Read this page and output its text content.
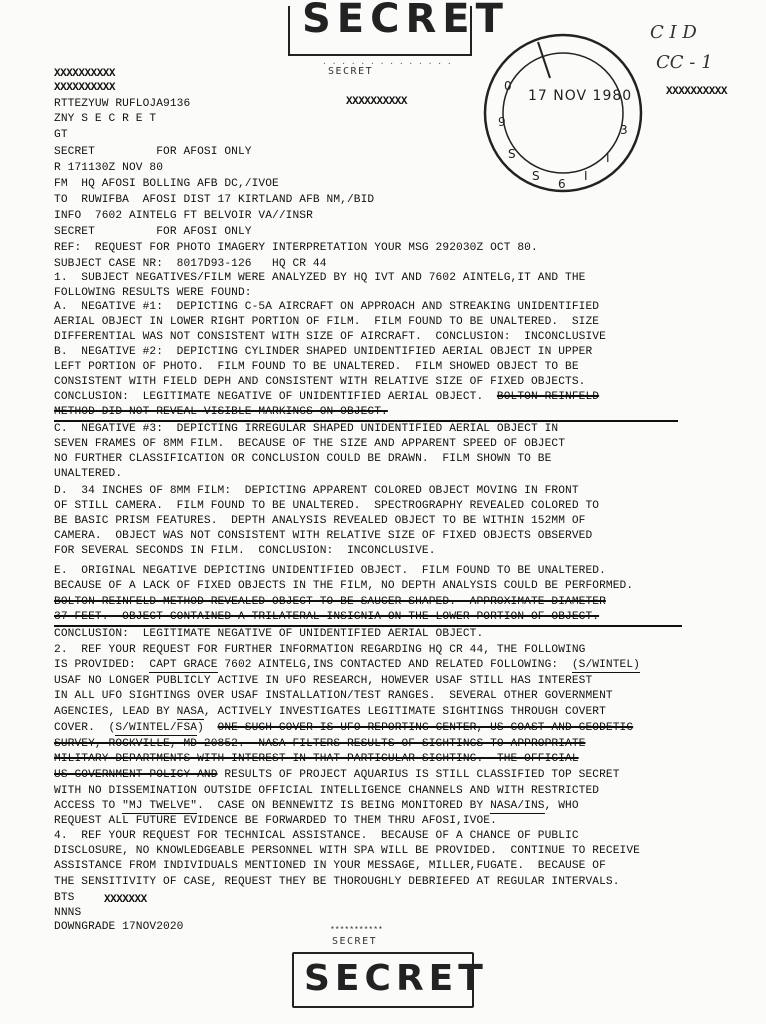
SECRET
SECRET
. . . . . . . . . . . . . .
9
S
S
6
I
I
3
0
17 NOV 1980
C I D
CC - 1
XXXXXXXXXX
XXXXXXXXXX
XXXXXXXXXX
XXXXXXXXXX
RTTEZYUW RUFLOJA9136
ZNY S E C R E T
GT
SECRET         FOR AFOSI ONLY
R 171130Z NOV 80
FM  HQ AFOSI BOLLING AFB DC,/IVOE
TO  RUWIFBA  AFOSI DIST 17 KIRTLAND AFB NM,/BID
INFO  7602 AINTELG FT BELVOIR VA//INSR
SECRET         FOR AFOSI ONLY
REF:  REQUEST FOR PHOTO IMAGERY INTERPRETATION YOUR MSG 292030Z OCT 80.
SUBJECT CASE NR:  8017D93-126   HQ CR 44
1.  SUBJECT NEGATIVES/FILM WERE ANALYZED BY HQ IVT AND 7602 AINTELG,IT AND THE
FOLLOWING RESULTS WERE FOUND:
A.  NEGATIVE #1:  DEPICTING C-5A AIRCRAFT ON APPROACH AND STREAKING UNIDENTIFIED
AERIAL OBJECT IN LOWER RIGHT PORTION OF FILM.  FILM FOUND TO BE UNALTERED.  SIZE
DIFFERENTIAL WAS NOT CONSISTENT WITH SIZE OF AIRCRAFT.  CONCLUSION:  INCONCLUSIVE
B.  NEGATIVE #2:  DEPICTING CYLINDER SHAPED UNIDENTIFIED AERIAL OBJECT IN UPPER
LEFT PORTION OF PHOTO.  FILM FOUND TO BE UNALTERED.  FILM SHOWED OBJECT TO BE
CONSISTENT WITH FIELD DEPH AND CONSISTENT WITH RELATIVE SIZE OF FIXED OBJECTS.
CONCLUSION:  LEGITIMATE NEGATIVE OF UNIDENTIFIED AERIAL OBJECT.  BOLTON REINFELD
METHOD DID NOT REVEAL VISIBLE MARKINGS ON OBJECT.
C.  NEGATIVE #3:  DEPICTING IRREGULAR SHAPED UNIDENTIFIED AERIAL OBJECT IN
SEVEN FRAMES OF 8MM FILM.  BECAUSE OF THE SIZE AND APPARENT SPEED OF OBJECT
NO FURTHER CLASSIFICATION OR CONCLUSION COULD BE DRAWN.  FILM SHOWN TO BE
UNALTERED.
D.  34 INCHES OF 8MM FILM:  DEPICTING APPARENT COLORED OBJECT MOVING IN FRONT
OF STILL CAMERA.  FILM FOUND TO BE UNALTERED.  SPECTROGRAPHY REVEALED COLORED TO
BE BASIC PRISM FEATURES.  DEPTH ANALYSIS REVEALED OBJECT TO BE WITHIN 152MM OF
CAMERA.  OBJECT WAS NOT CONSISTENT WITH RELATIVE SIZE OF FIXED OBJECTS OBSERVED
FOR SEVERAL SECONDS IN FILM.  CONCLUSION:  INCONCLUSIVE.
E.  ORIGINAL NEGATIVE DEPICTING UNIDENTIFIED OBJECT.  FILM FOUND TO BE UNALTERED.
BECAUSE OF A LACK OF FIXED OBJECTS IN THE FILM, NO DEPTH ANALYSIS COULD BE PERFORMED.
BOLTON REINFELD METHOD REVEALED OBJECT TO BE SAUCER SHAPED.  APPROXIMATE DIAMETER
37 FEET.  OBJECT CONTAINED A TRILATERAL INSIGNIA ON THE LOWER PORTION OF OBJECT.
CONCLUSION:  LEGITIMATE NEGATIVE OF UNIDENTIFIED AERIAL OBJECT.
2.  REF YOUR REQUEST FOR FURTHER INFORMATION REGARDING HQ CR 44, THE FOLLOWING
IS PROVIDED:  CAPT GRACE 7602 AINTELG,INS CONTACTED AND RELATED FOLLOWING:  (S/WINTEL)
USAF NO LONGER PUBLICLY ACTIVE IN UFO RESEARCH, HOWEVER USAF STILL HAS INTEREST
IN ALL UFO SIGHTINGS OVER USAF INSTALLATION/TEST RANGES.  SEVERAL OTHER GOVERNMENT
AGENCIES, LEAD BY NASA, ACTIVELY INVESTIGATES LEGITIMATE SIGHTINGS THROUGH COVERT
COVER.  (S/WINTEL/FSA)  ONE SUCH COVER IS UFO REPORTING CENTER, US COAST AND GEODETIC
SURVEY, ROCKVILLE, MD 20852.  NASA FILTERS RESULTS OF SIGHTINGS TO APPROPRIATE
MILITARY DEPARTMENTS WITH INTEREST IN THAT PARTICULAR SIGHTING.  THE OFFICIAL
US GOVERNMENT POLICY AND RESULTS OF PROJECT AQUARIUS IS STILL CLASSIFIED TOP SECRET
WITH NO DISSEMINATION OUTSIDE OFFICIAL INTELLIGENCE CHANNELS AND WITH RESTRICTED
ACCESS TO "MJ TWELVE".  CASE ON BENNEWITZ IS BEING MONITORED BY NASA/INS, WHO
REQUEST ALL FUTURE EVIDENCE BE FORWARDED TO THEM THRU AFOSI,IVOE.
4.  REF YOUR REQUEST FOR TECHNICAL ASSISTANCE.  BECAUSE OF A CHANCE OF PUBLIC
DISCLOSURE, NO KNOWLEDGEABLE PERSONNEL WITH SPA WILL BE PROVIDED.  CONTINUE TO RECEIVE
ASSISTANCE FROM INDIVIDUALS MENTIONED IN YOUR MESSAGE, MILLER,FUGATE.  BECAUSE OF
THE SENSITIVITY OF CASE, REQUEST THEY BE THOROUGHLY DEBRIEFED AT REGULAR INTERVALS.
BTS	XXXXXXX
NNNS
DOWNGRADE 17NOV2020	***********
SECRET
SECRET
